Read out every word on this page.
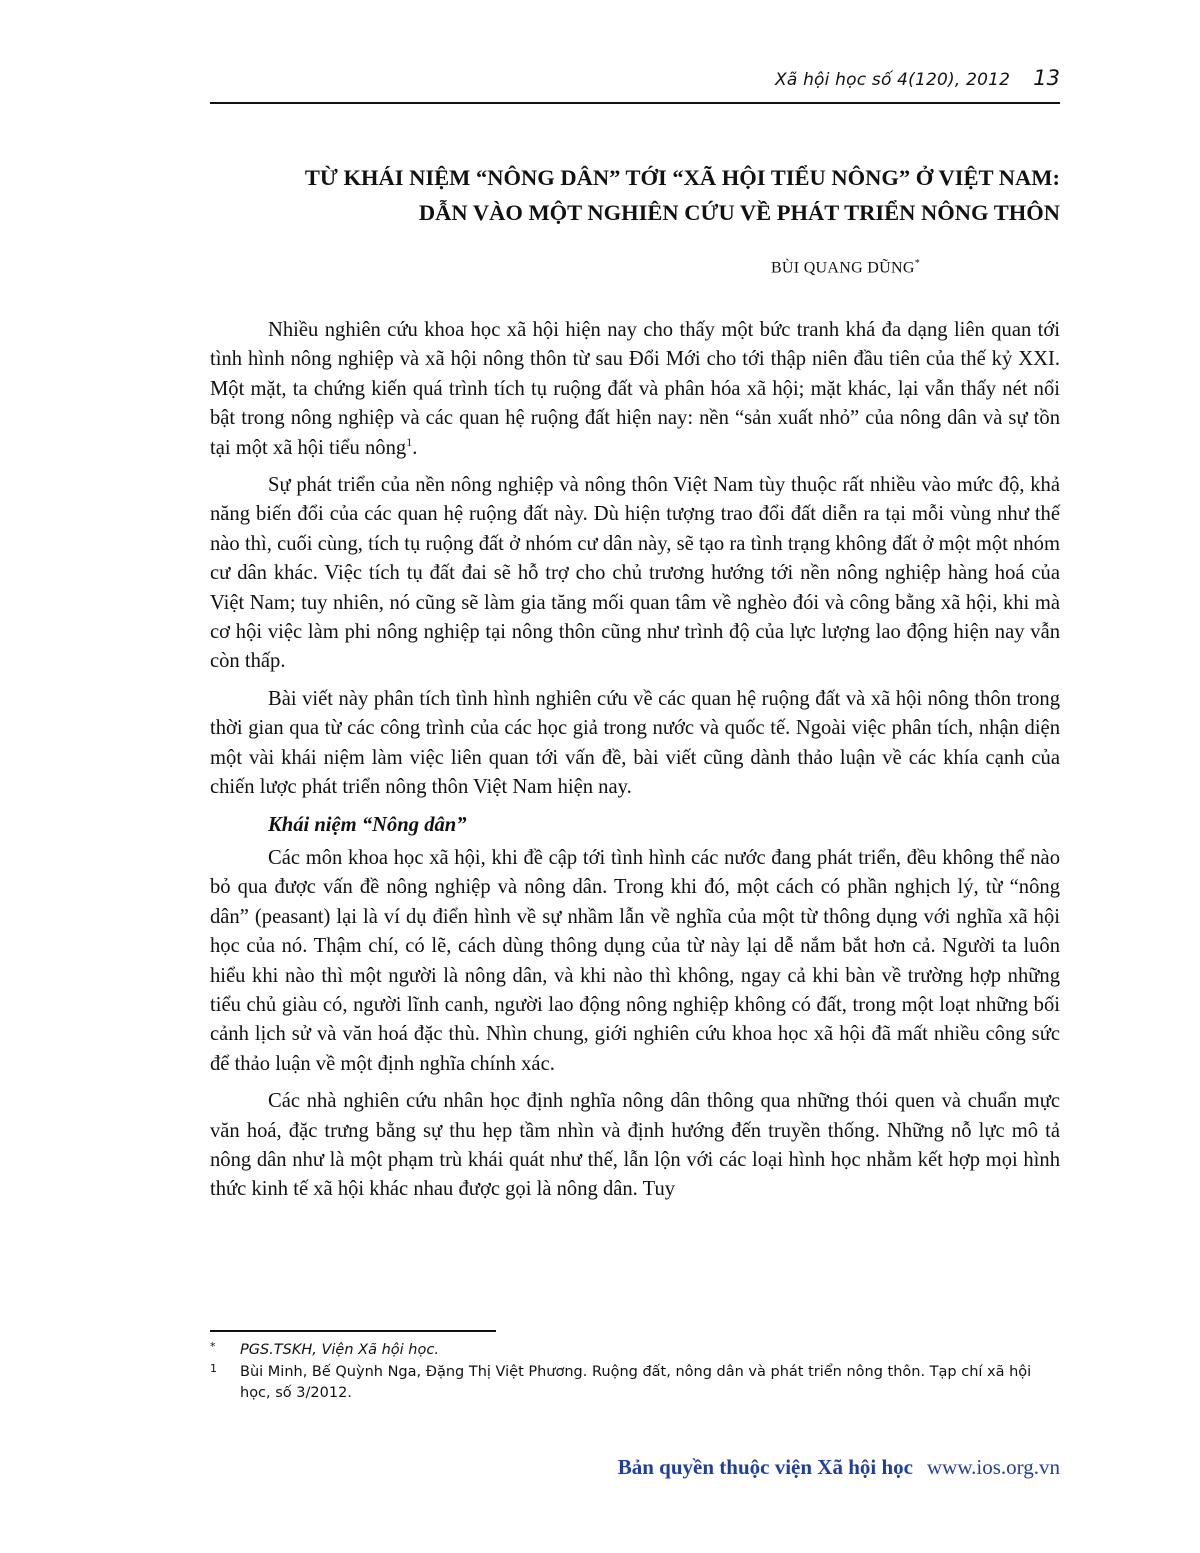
Xã hội học số 4(120), 2012 13
TỪ KHÁI NIỆM “NÔNG DÂN” TỚI “XÃ HỘI TIỂU NÔNG” Ở VIỆT NAM:
DẪN VÀO MỘT NGHIÊN CỨU VỀ PHÁT TRIỂN NÔNG THÔN
BÙI QUANG DŨNG*

Nhiều nghiên cứu khoa học xã hội hiện nay cho thấy một bức tranh khá đa dạng liên quan tới tình hình nông nghiệp và xã hội nông thôn từ sau Đổi Mới cho tới thập niên đầu tiên của thế kỷ XXI. Một mặt, ta chứng kiến quá trình tích tụ ruộng đất và phân hóa xã hội; mặt khác, lại vẫn thấy nét nổi bật trong nông nghiệp và các quan hệ ruộng đất hiện nay: nền “sản xuất nhỏ” của nông dân và sự tồn tại một xã hội tiểu nông$^1$.

Sự phát triển của nền nông nghiệp và nông thôn Việt Nam tùy thuộc rất nhiều vào mức độ, khả năng biến đổi của các quan hệ ruộng đất này. Dù hiện tượng trao đổi đất diễn ra tại mỗi vùng như thế nào thì, cuối cùng, tích tụ ruộng đất ở nhóm cư dân này, sẽ tạo ra tình trạng không đất ở một một nhóm cư dân khác. Việc tích tụ đất đai sẽ hỗ trợ cho chủ trương hướng tới nền nông nghiệp hàng hoá của Việt Nam; tuy nhiên, nó cũng sẽ làm gia tăng mối quan tâm về nghèo đói và công bằng xã hội, khi mà cơ hội việc làm phi nông nghiệp tại nông thôn cũng như trình độ của lực lượng lao động hiện nay vẫn còn thấp.

Bài viết này phân tích tình hình nghiên cứu về các quan hệ ruộng đất và xã hội nông thôn trong thời gian qua từ các công trình của các học giả trong nước và quốc tế. Ngoài việc phân tích, nhận diện một vài khái niệm làm việc liên quan tới vấn đề, bài viết cũng dành thảo luận về các khía cạnh của chiến lược phát triển nông thôn Việt Nam hiện nay.

Khái niệm “Nông dân”

Các môn khoa học xã hội, khi đề cập tới tình hình các nước đang phát triển, đều không thể nào bỏ qua được vấn đề nông nghiệp và nông dân. Trong khi đó, một cách có phần nghịch lý, từ “nông dân” (peasant) lại là ví dụ điển hình về sự nhầm lẫn về nghĩa của một từ thông dụng với nghĩa xã hội học của nó. Thậm chí, có lẽ, cách dùng thông dụng của từ này lại dễ nắm bắt hơn cả. Người ta luôn hiểu khi nào thì một người là nông dân, và khi nào thì không, ngay cả khi bàn về trường hợp những tiểu chủ giàu có, người lĩnh canh, người lao động nông nghiệp không có đất, trong một loạt những bối cảnh lịch sử và văn hoá đặc thù. Nhìn chung, giới nghiên cứu khoa học xã hội đã mất nhiều công sức để thảo luận về một định nghĩa chính xác.

Các nhà nghiên cứu nhân học định nghĩa nông dân thông qua những thói quen và chuẩn mực văn hoá, đặc trưng bằng sự thu hẹp tầm nhìn và định hướng đến truyền thống. Những nỗ lực mô tả nông dân như là một phạm trù khái quát như thế, lẫn lộn với các loại hình học nhằm kết hợp mọi hình thức kinh tế xã hội khác nhau được gọi là nông dân. Tuy

* PGS.TSKH, Viện Xã hội học.
1 Bùi Minh, Bế Quỳnh Nga, Đặng Thị Việt Phương. Ruộng đất, nông dân và phát triển nông thôn. Tạp chí xã hội học, số 3/2012.
Bản quyền thuộc viện Xã hội học www.ios.org.vn
